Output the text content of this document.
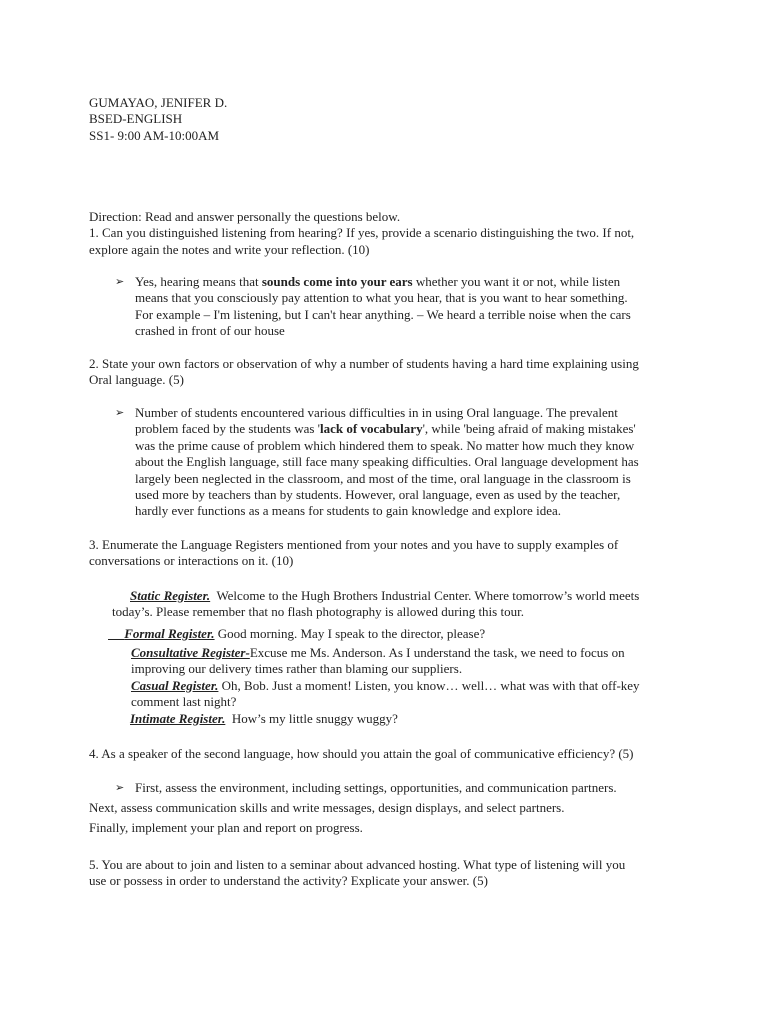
GUMAYAO, JENIFER D.
BSED-ENGLISH
SS1- 9:00 AM-10:00AM
Direction: Read and answer personally the questions below.
1. Can you distinguished listening from hearing? If yes, provide a scenario distinguishing the two. If not,
explore again the notes and write your reflection. (10)
➢ Yes, hearing means that sounds come into your ears whether you want it or not, while listen
means that you consciously pay attention to what you hear, that is you want to hear something.
For example – I'm listening, but I can't hear anything. – We heard a terrible noise when the cars
crashed in front of our house
2. State your own factors or observation of why a number of students having a hard time explaining using
Oral language. (5)
➢ Number of students encountered various difficulties in in using Oral language. The prevalent
problem faced by the students was 'lack of vocabulary', while 'being afraid of making mistakes'
was the prime cause of problem which hindered them to speak. No matter how much they know
about the English language, still face many speaking difficulties. Oral language development has
largely been neglected in the classroom, and most of the time, oral language in the classroom is
used more by teachers than by students. However, oral language, even as used by the teacher,
hardly ever functions as a means for students to gain knowledge and explore idea.
3. Enumerate the Language Registers mentioned from your notes and you have to supply examples of
conversations or interactions on it. (10)
Static Register. Welcome to the Hugh Brothers Industrial Center. Where tomorrow’s world meets
today’s. Please remember that no flash photography is allowed during this tour.
Formal Register. Good morning. May I speak to the director, please?
Consultative Register-Excuse me Ms. Anderson. As I understand the task, we need to focus on
improving our delivery times rather than blaming our suppliers.
Casual Register. Oh, Bob. Just a moment! Listen, you know… well… what was with that off-key
comment last night?
Intimate Register. How’s my little snuggy wuggy?
4. As a speaker of the second language, how should you attain the goal of communicative efficiency? (5)
➢ First, assess the environment, including settings, opportunities, and communication partners.
Next, assess communication skills and write messages, design displays, and select partners.
Finally, implement your plan and report on progress.
5. You are about to join and listen to a seminar about advanced hosting. What type of listening will you
use or possess in order to understand the activity? Explicate your answer. (5)
